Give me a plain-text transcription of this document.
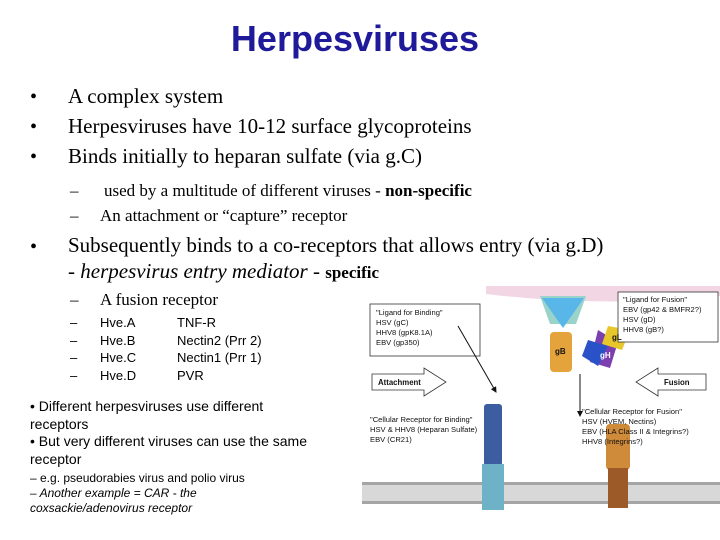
Herpesviruses
• A complex system
• Herpesviruses have 10-12 surface glycoproteins
• Binds initially to heparan sulfate (via g.C)
– used by a multitude of different viruses - non-specific
– An attachment or “capture” receptor
• Subsequently binds to a co-receptors that allows entry (via g.D)
- herpesvirus entry mediator - specific
– A fusion receptor
–
–
–
–
Hve.A
Hve.B
Hve.C
Hve.D
TNF-R
Nectin2 (Prr 2)
Nectin1 (Prr 1)
PVR
• Different herpesviruses use different receptors
• But very different viruses can use the same receptor
– e.g. pseudorabies virus and polio virus
– Another example = CAR - the coxsackie/adenovirus receptor
"Ligand for Binding"
HSV (gC)
HHV8 (gpK8.1A)
EBV (gp350)
"Ligand for Fusion"
EBV (gp42 & BMFR2?)
HSV (gD)
HHV8 (gB?)
gB	gH
gL
Attachment	Fusion
"Cellular Receptor for Binding"
HSV & HHV8 (Heparan Sulfate)
EBV (CR21)
"Cellular Receptor for Fusion"
HSV (HVEM, Nectins)
EBV (HLA Class II & Integrins?)
HHV8 (Integrins?)
